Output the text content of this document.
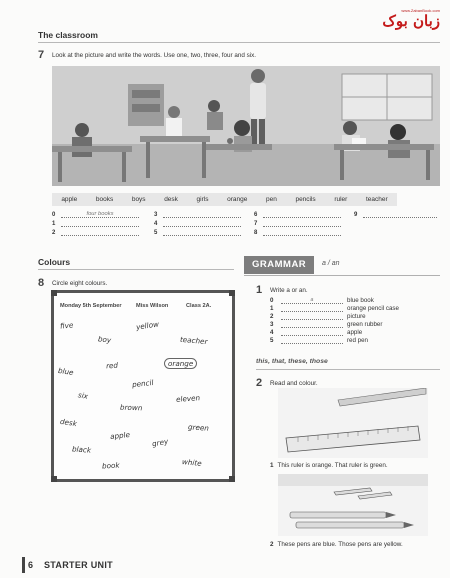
www.ZabanBook.com
زبان بوک
The classroom
7 Look at the picture and write the words. Use one, two, three, four and six.
apple	books	boys	desk	girls	orange	pen	pencils	ruler	teacher
0	four books
1
2
3
4
5
6
7
8
9
Colours
8 Circle eight colours.
Monday 5th September	Miss Wilson	Class 2A.
five	yellow
boy	teacher
red	orange
blue
pencil
six	eleven
brown
desk	green
apple
grey
black
book	white
GRAMMAR	a / an
1 Write a or an.
0	a	blue book
1	orange pencil case
2	picture
3	green rubber
4	apple
5	red pen
this, that, these, those
2 Read and colour.
1 This ruler is orange. That ruler is green.
2 These pens are blue. Those pens are yellow.
6 STARTER UNIT
